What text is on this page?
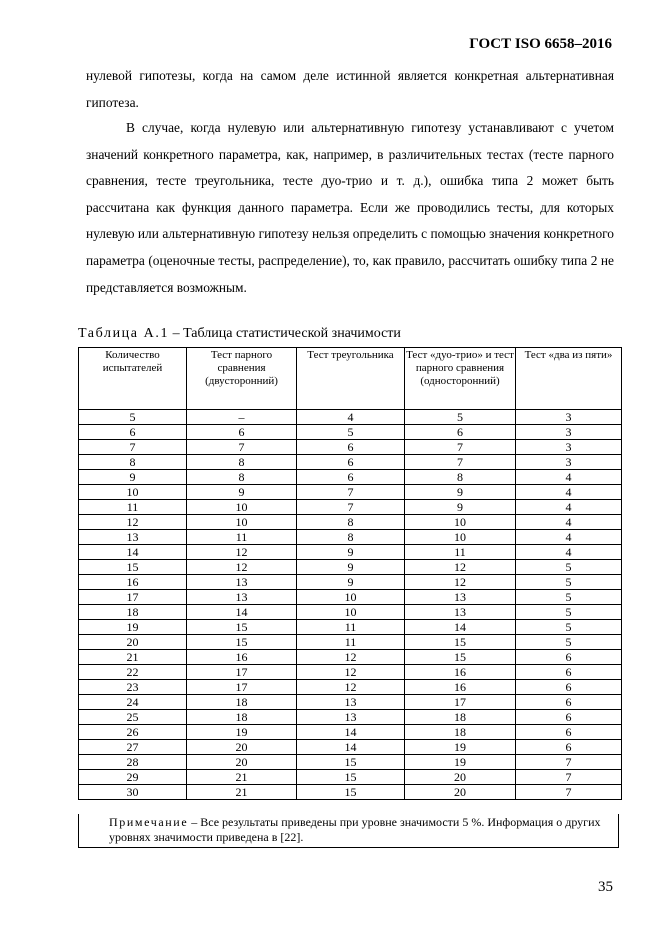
ГОСТ ISO 6658–2016
нулевой гипотезы, когда на самом деле истинной является конкретная альтернативная гипотеза.
В случае, когда нулевую или альтернативную гипотезу устанавливают с учетом значений конкретного параметра, как, например, в различительных тестах (тесте парного сравнения, тесте треугольника, тесте дуо-трио и т. д.), ошибка типа 2 может быть рассчитана как функция данного параметра. Если же проводились тесты, для которых нулевую или альтернативную гипотезу нельзя определить с помощью значения конкретного параметра (оценочные тесты, распределение), то, как правило, рассчитать ошибку типа 2 не представляется возможным.
Таблица А.1 – Таблица статистической значимости
Количество испытателей	Тест парного сравнения (двусторонний)	Тест треугольника	Тест «дуо-трио» и тест парного сравнения (односторонний)	Тест «два из пяти»
5	–	4	5	3
6	6	5	6	3
7	7	6	7	3
8	8	6	7	3
9	8	6	8	4
10	9	7	9	4
11	10	7	9	4
12	10	8	10	4
13	11	8	10	4
14	12	9	11	4
15	12	9	12	5
16	13	9	12	5
17	13	10	13	5
18	14	10	13	5
19	15	11	14	5
20	15	11	15	5
21	16	12	15	6
22	17	12	16	6
23	17	12	16	6
24	18	13	17	6
25	18	13	18	6
26	19	14	18	6
27	20	14	19	6
28	20	15	19	7
29	21	15	20	7
30	21	15	20	7
Примечание – Все результаты приведены при уровне значимости 5 %. Информация о других уровнях значимости приведена в [22].
35
